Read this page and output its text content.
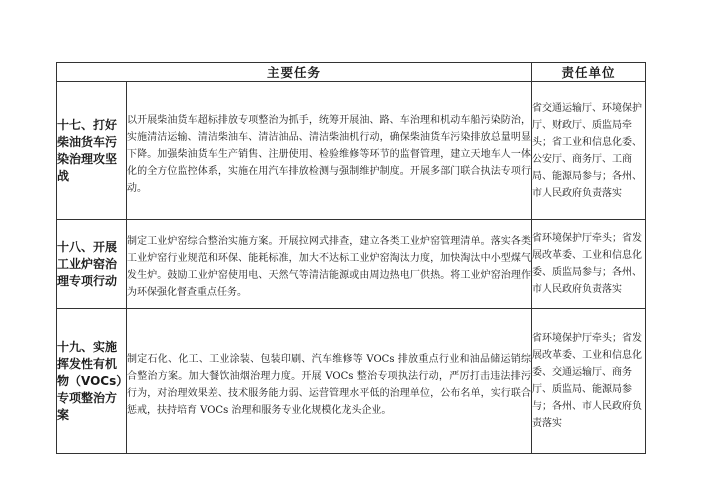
主要任务		责任单位
十七、打好柴油货车污染治理攻坚战	以开展柴油货车超标排放专项整治为抓手，统筹开展油、路、车治理和机动车船污染防治，实施清洁运输、清洁柴油车、清洁油品、清洁柴油机行动，确保柴油货车污染排放总量明显下降。加强柴油货车生产销售、注册使用、检验维修等环节的监督管理，建立天地车人一体化的全方位监控体系，实施在用汽车排放检测与强制维护制度。开展多部门联合执法专项行动。	省交通运输厅、环境保护厅、财政厅、质监局牵头；省工业和信息化委、公安厅、商务厅、工商局、能源局参与；各州、市人民政府负责落实
十八、开展工业炉窑治理专项行动	制定工业炉窑综合整治实施方案。开展拉网式排查，建立各类工业炉窑管理清单。落实各类工业炉窑行业规范和环保、能耗标准，加大不达标工业炉窑淘汰力度，加快淘汰中小型煤气发生炉。鼓励工业炉窑使用电、天然气等清洁能源或由周边热电厂供热。将工业炉窑治理作为环保强化督查重点任务。	省环境保护厅牵头；省发展改革委、工业和信息化委、质监局参与；各州、市人民政府负责落实
十九、实施挥发性有机物（VOCs）专项整治方案	制定石化、化工、工业涂装、包装印刷、汽车维修等 VOCs 排放重点行业和油品储运销综合整治方案。加大餐饮油烟治理力度。开展 VOCs 整治专项执法行动，严厉打击违法排污行为，对治理效果差、技术服务能力弱、运营管理水平低的治理单位，公布名单，实行联合惩戒，扶持培育 VOCs 治理和服务专业化规模化龙头企业。	省环境保护厅牵头；省发展改革委、工业和信息化委、交通运输厅、商务厅、质监局、能源局参与；各州、市人民政府负责落实
